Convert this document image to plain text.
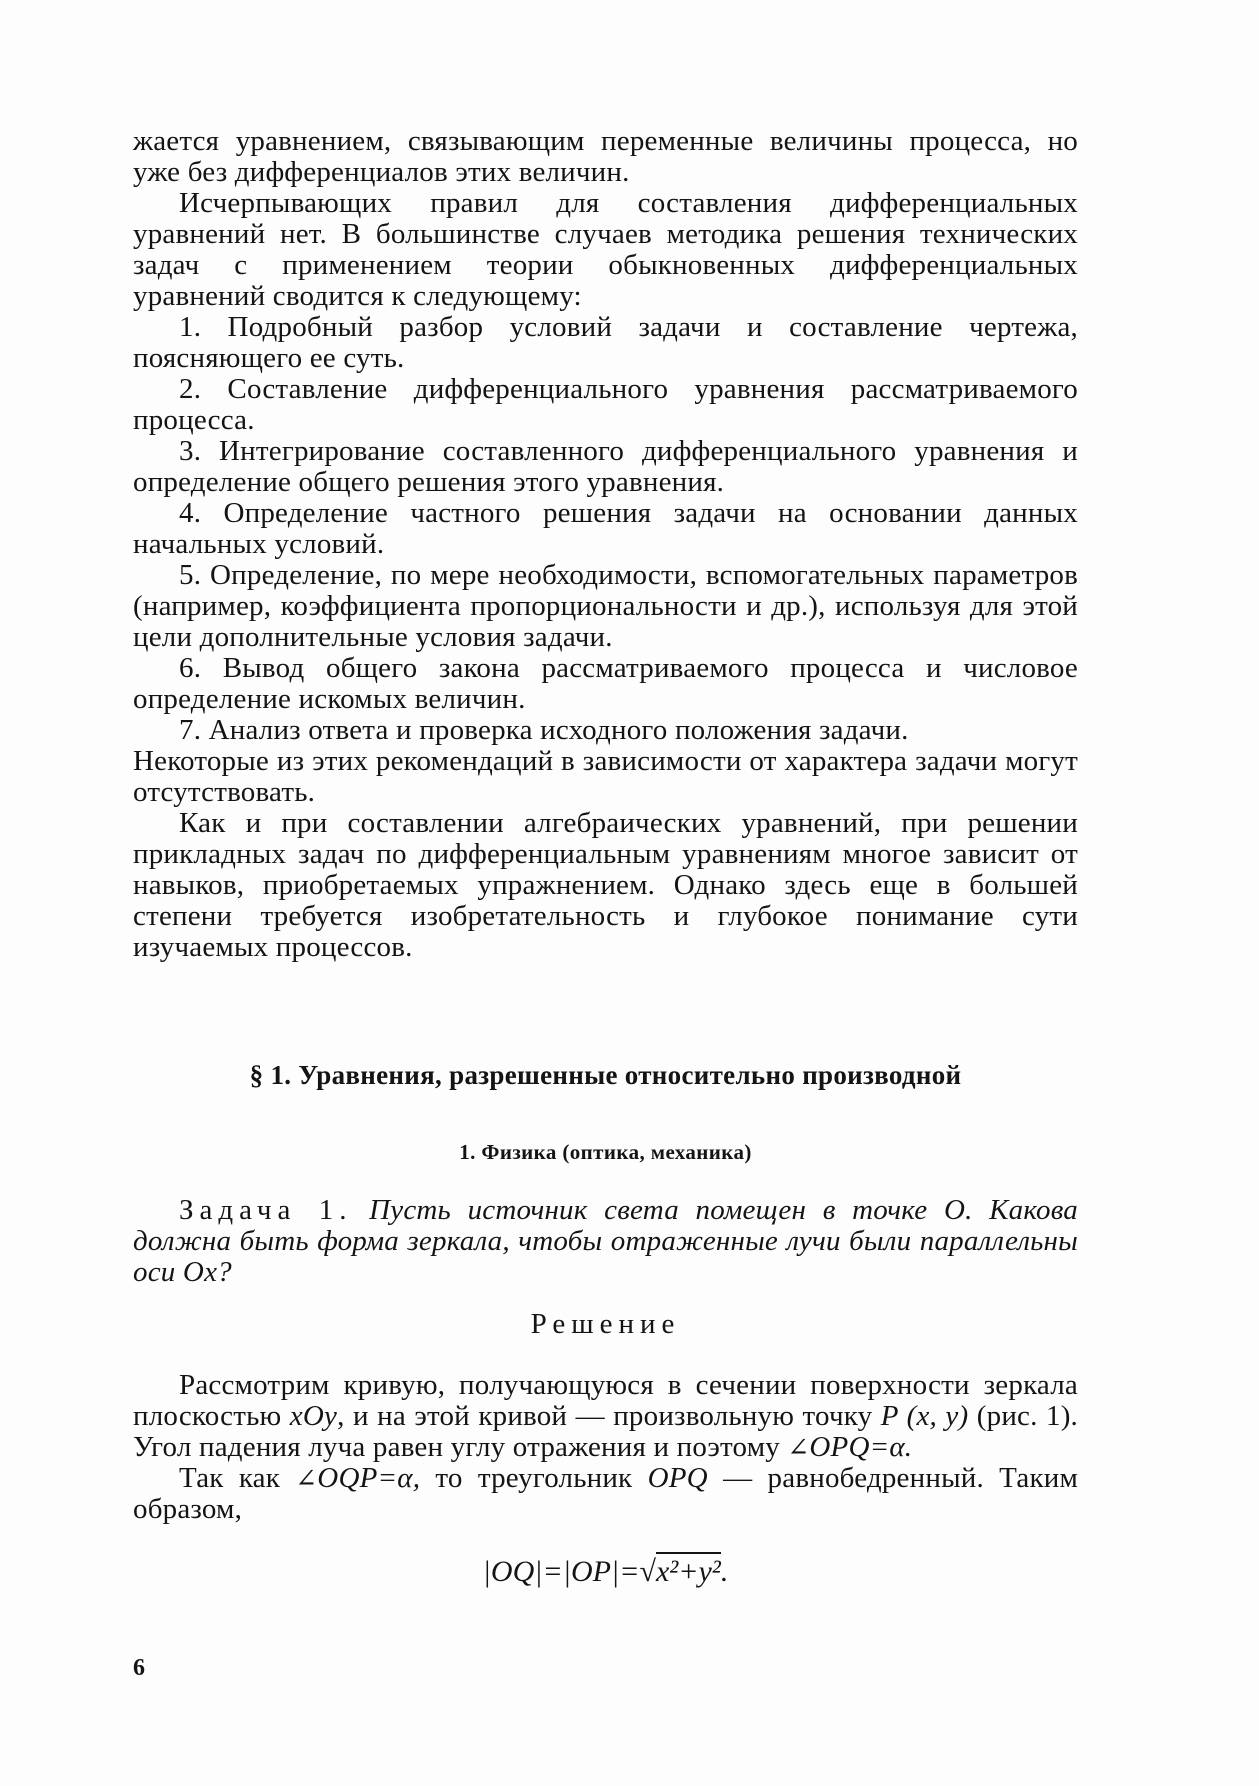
жается уравнением, связывающим переменные величины процесса, но уже без дифференциалов этих величин.

Исчерпывающих правил для составления дифференциальных уравнений нет. В большинстве случаев методика решения технических задач с применением теории обыкновенных дифференциальных уравнений сводится к следующему:

1. Подробный разбор условий задачи и составление чертежа, поясняющего ее суть.

2. Составление дифференциального уравнения рассматриваемого процесса.

3. Интегрирование составленного дифференциального уравнения и определение общего решения этого уравнения.

4. Определение частного решения задачи на основании данных начальных условий.

5. Определение, по мере необходимости, вспомогательных параметров (например, коэффициента пропорциональности и др.), используя для этой цели дополнительные условия задачи.

6. Вывод общего закона рассматриваемого процесса и числовое определение искомых величин.

7. Анализ ответа и проверка исходного положения задачи.

Некоторые из этих рекомендаций в зависимости от характера задачи могут отсутствовать.

Как и при составлении алгебраических уравнений, при решении прикладных задач по дифференциальным уравнениям многое зависит от навыков, приобретаемых упражнением. Однако здесь еще в большей степени требуется изобретательность и глубокое понимание сути изучаемых процессов.

§ 1. Уравнения, разрешенные относительно производной

1. Физика (оптика, механика)

Задача 1. Пусть источник света помещен в точке O. Какова должна быть форма зеркала, чтобы отраженные лучи были параллельны оси Ox?

Решение

Рассмотрим кривую, получающуюся в сечении поверхности зеркала плоскостью xOy, и на этой кривой — произвольную точку P (x, y) (рис. 1). Угол падения луча равен углу отражения и поэтому ∠OPQ=α.

Так как ∠OQP=α, то треугольник OPQ — равнобедренный. Таким образом,

|OQ|=|OP|=√x²+y².

6
